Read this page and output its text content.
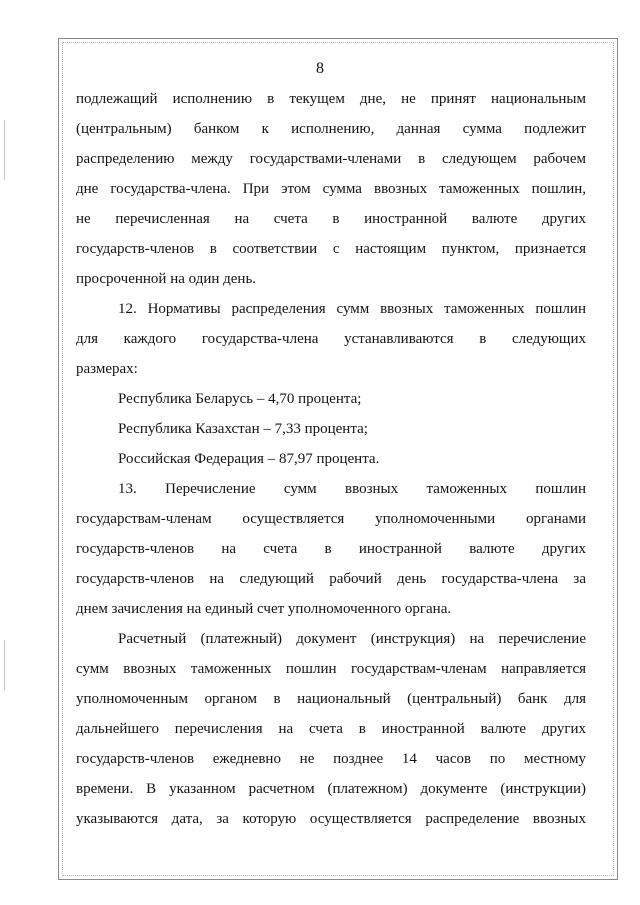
8
подлежащий исполнению в текущем дне, не принят национальным
(центральным) банком к исполнению, данная сумма подлежит
распределению между государствами-членами в следующем рабочем
дне государства-члена. При этом сумма ввозных таможенных пошлин,
не перечисленная на счета в иностранной валюте других
государств-членов в соответствии с настоящим пунктом, признается
просроченной на один день.
12. Нормативы распределения сумм ввозных таможенных пошлин
для каждого государства-члена устанавливаются в следующих
размерах:
Республика Беларусь – 4,70 процента;
Республика Казахстан – 7,33 процента;
Российская Федерация – 87,97 процента.
13. Перечисление сумм ввозных таможенных пошлин
государствам-членам осуществляется уполномоченными органами
государств-членов на счета в иностранной валюте других
государств-членов на следующий рабочий день государства-члена за
днем зачисления на единый счет уполномоченного органа.
Расчетный (платежный) документ (инструкция) на перечисление
сумм ввозных таможенных пошлин государствам-членам направляется
уполномоченным органом в национальный (центральный) банк для
дальнейшего перечисления на счета в иностранной валюте других
государств-членов ежедневно не позднее 14 часов по местному
времени. В указанном расчетном (платежном) документе (инструкции)
указываются дата, за которую осуществляется распределение ввозных
